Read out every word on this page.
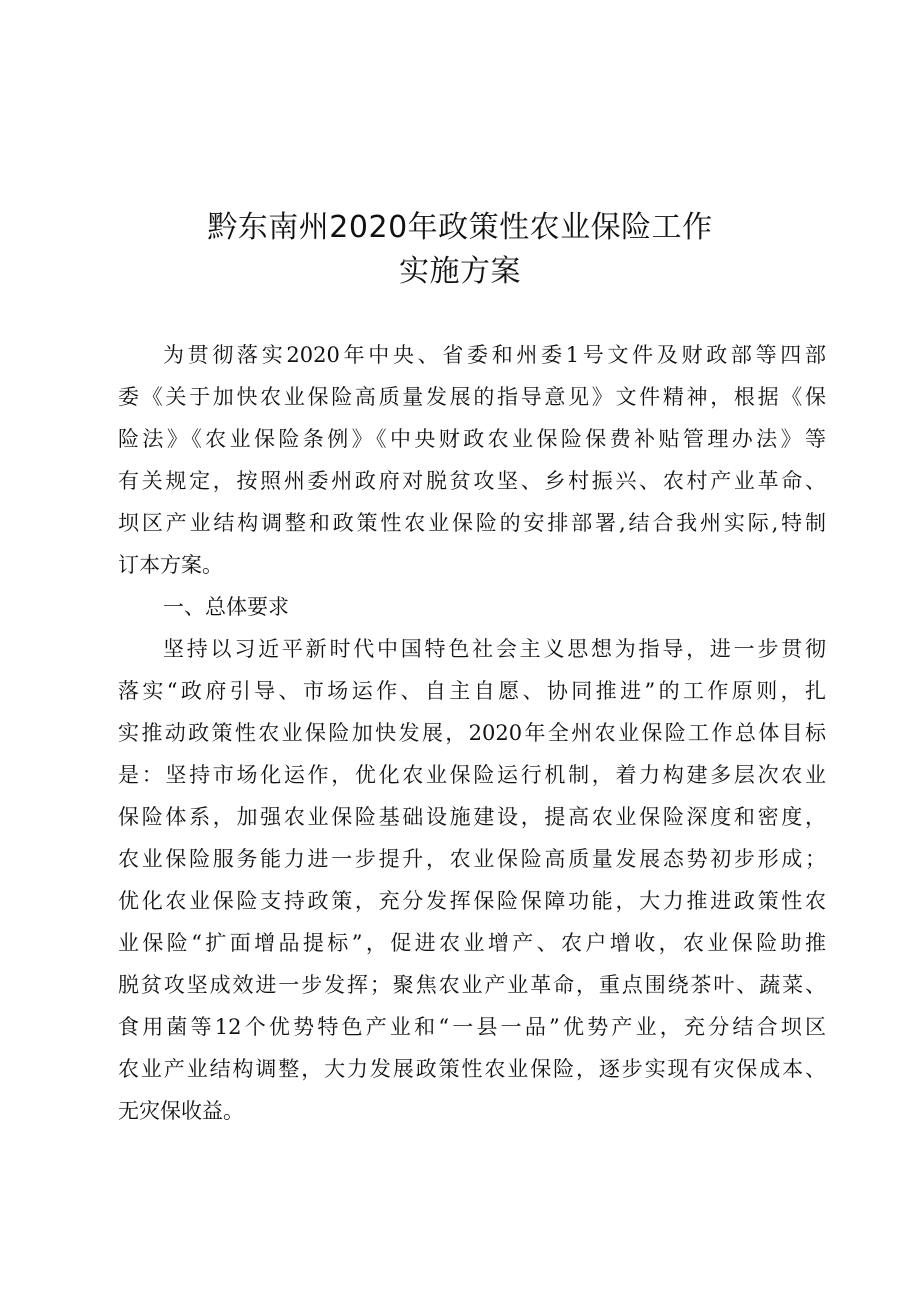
黔东南州2020年政策性农业保险工作
实施方案
为贯彻落实2020年中央、省委和州委1号文件及财政部等四部
委《关于加快农业保险高质量发展的指导意见》文件精神，根据《保
险法》《农业保险条例》《中央财政农业保险保费补贴管理办法》等
有关规定，按照州委州政府对脱贫攻坚、乡村振兴、农村产业革命、
坝区产业结构调整和政策性农业保险的安排部署,结合我州实际,特制
订本方案。
一、总体要求
坚持以习近平新时代中国特色社会主义思想为指导，进一步贯彻
落实“政府引导、市场运作、自主自愿、协同推进”的工作原则，扎
实推动政策性农业保险加快发展，2020年全州农业保险工作总体目标
是：坚持市场化运作，优化农业保险运行机制，着力构建多层次农业
保险体系，加强农业保险基础设施建设，提高农业保险深度和密度，
农业保险服务能力进一步提升，农业保险高质量发展态势初步形成；
优化农业保险支持政策，充分发挥保险保障功能，大力推进政策性农
业保险“扩面增品提标”，促进农业增产、农户增收，农业保险助推
脱贫攻坚成效进一步发挥；聚焦农业产业革命，重点围绕茶叶、蔬菜、
食用菌等12个优势特色产业和“一县一品”优势产业，充分结合坝区
农业产业结构调整，大力发展政策性农业保险，逐步实现有灾保成本、
无灾保收益。
